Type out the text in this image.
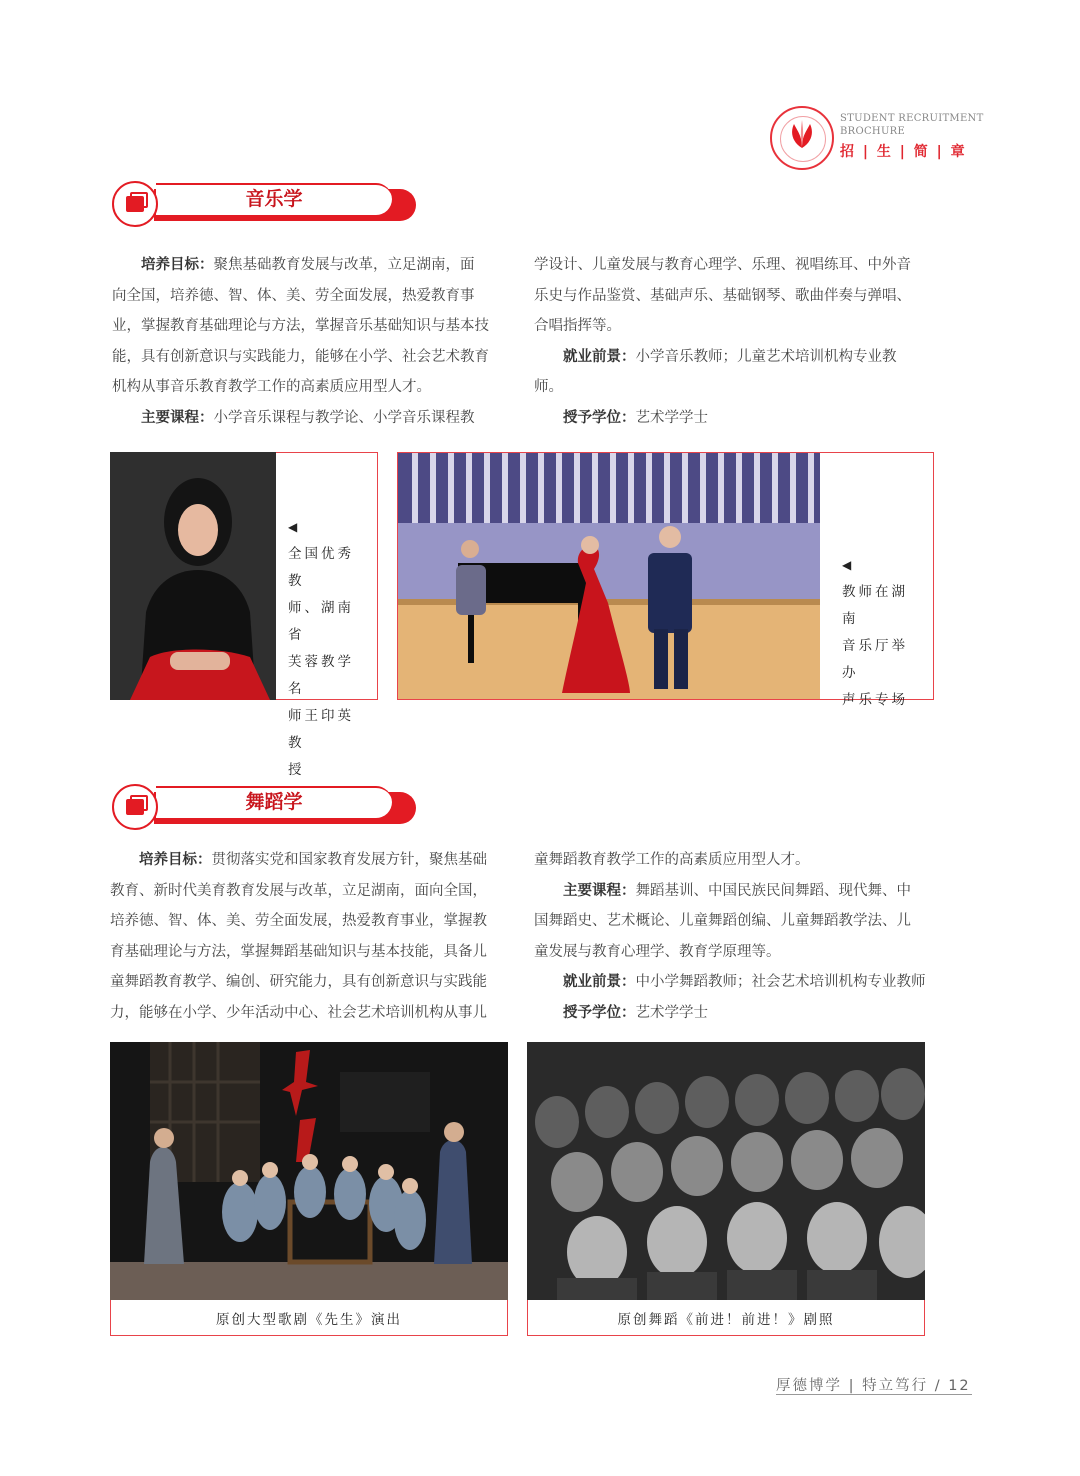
STUDENT RECRUITMENT
BROCHURE
招 | 生 | 简 | 章
音乐学

培养目标：聚焦基础教育发展与改革，立足湖南，面

向全国，培养德、智、体、美、劳全面发展，热爱教育事

业，掌握教育基础理论与方法，掌握音乐基础知识与基本技

能，具有创新意识与实践能力，能够在小学、社会艺术教育

机构从事音乐教育教学工作的高素质应用型人才。

主要课程：小学音乐课程与教学论、小学音乐课程教

学设计、儿童发展与教育心理学、乐理、视唱练耳、中外音

乐史与作品鉴赏、基础声乐、基础钢琴、歌曲伴奏与弹唱、

合唱指挥等。

就业前景：小学音乐教师；儿童艺术培训机构专业教

师。

授予学位：艺术学学士

◀
全国优秀教
师、湖南省
芙蓉教学名
师王印英教
授
◀
教师在湖南
音乐厅举办
声乐专场
舞蹈学

培养目标：贯彻落实党和国家教育发展方针，聚焦基础

教育、新时代美育教育发展与改革，立足湖南，面向全国，

培养德、智、体、美、劳全面发展，热爱教育事业，掌握教

育基础理论与方法，掌握舞蹈基础知识与基本技能，具备儿

童舞蹈教育教学、编创、研究能力，具有创新意识与实践能

力，能够在小学、少年活动中心、社会艺术培训机构从事儿

童舞蹈教育教学工作的高素质应用型人才。

主要课程：舞蹈基训、中国民族民间舞蹈、现代舞、中

国舞蹈史、艺术概论、儿童舞蹈创编、儿童舞蹈教学法、儿

童发展与教育心理学、教育学原理等。

就业前景：中小学舞蹈教师；社会艺术培训机构专业教师

授予学位：艺术学学士

原创大型歌剧《先生》演出	原创舞蹈《前进！前进！》剧照
厚德博学 | 特立笃行 / 12
